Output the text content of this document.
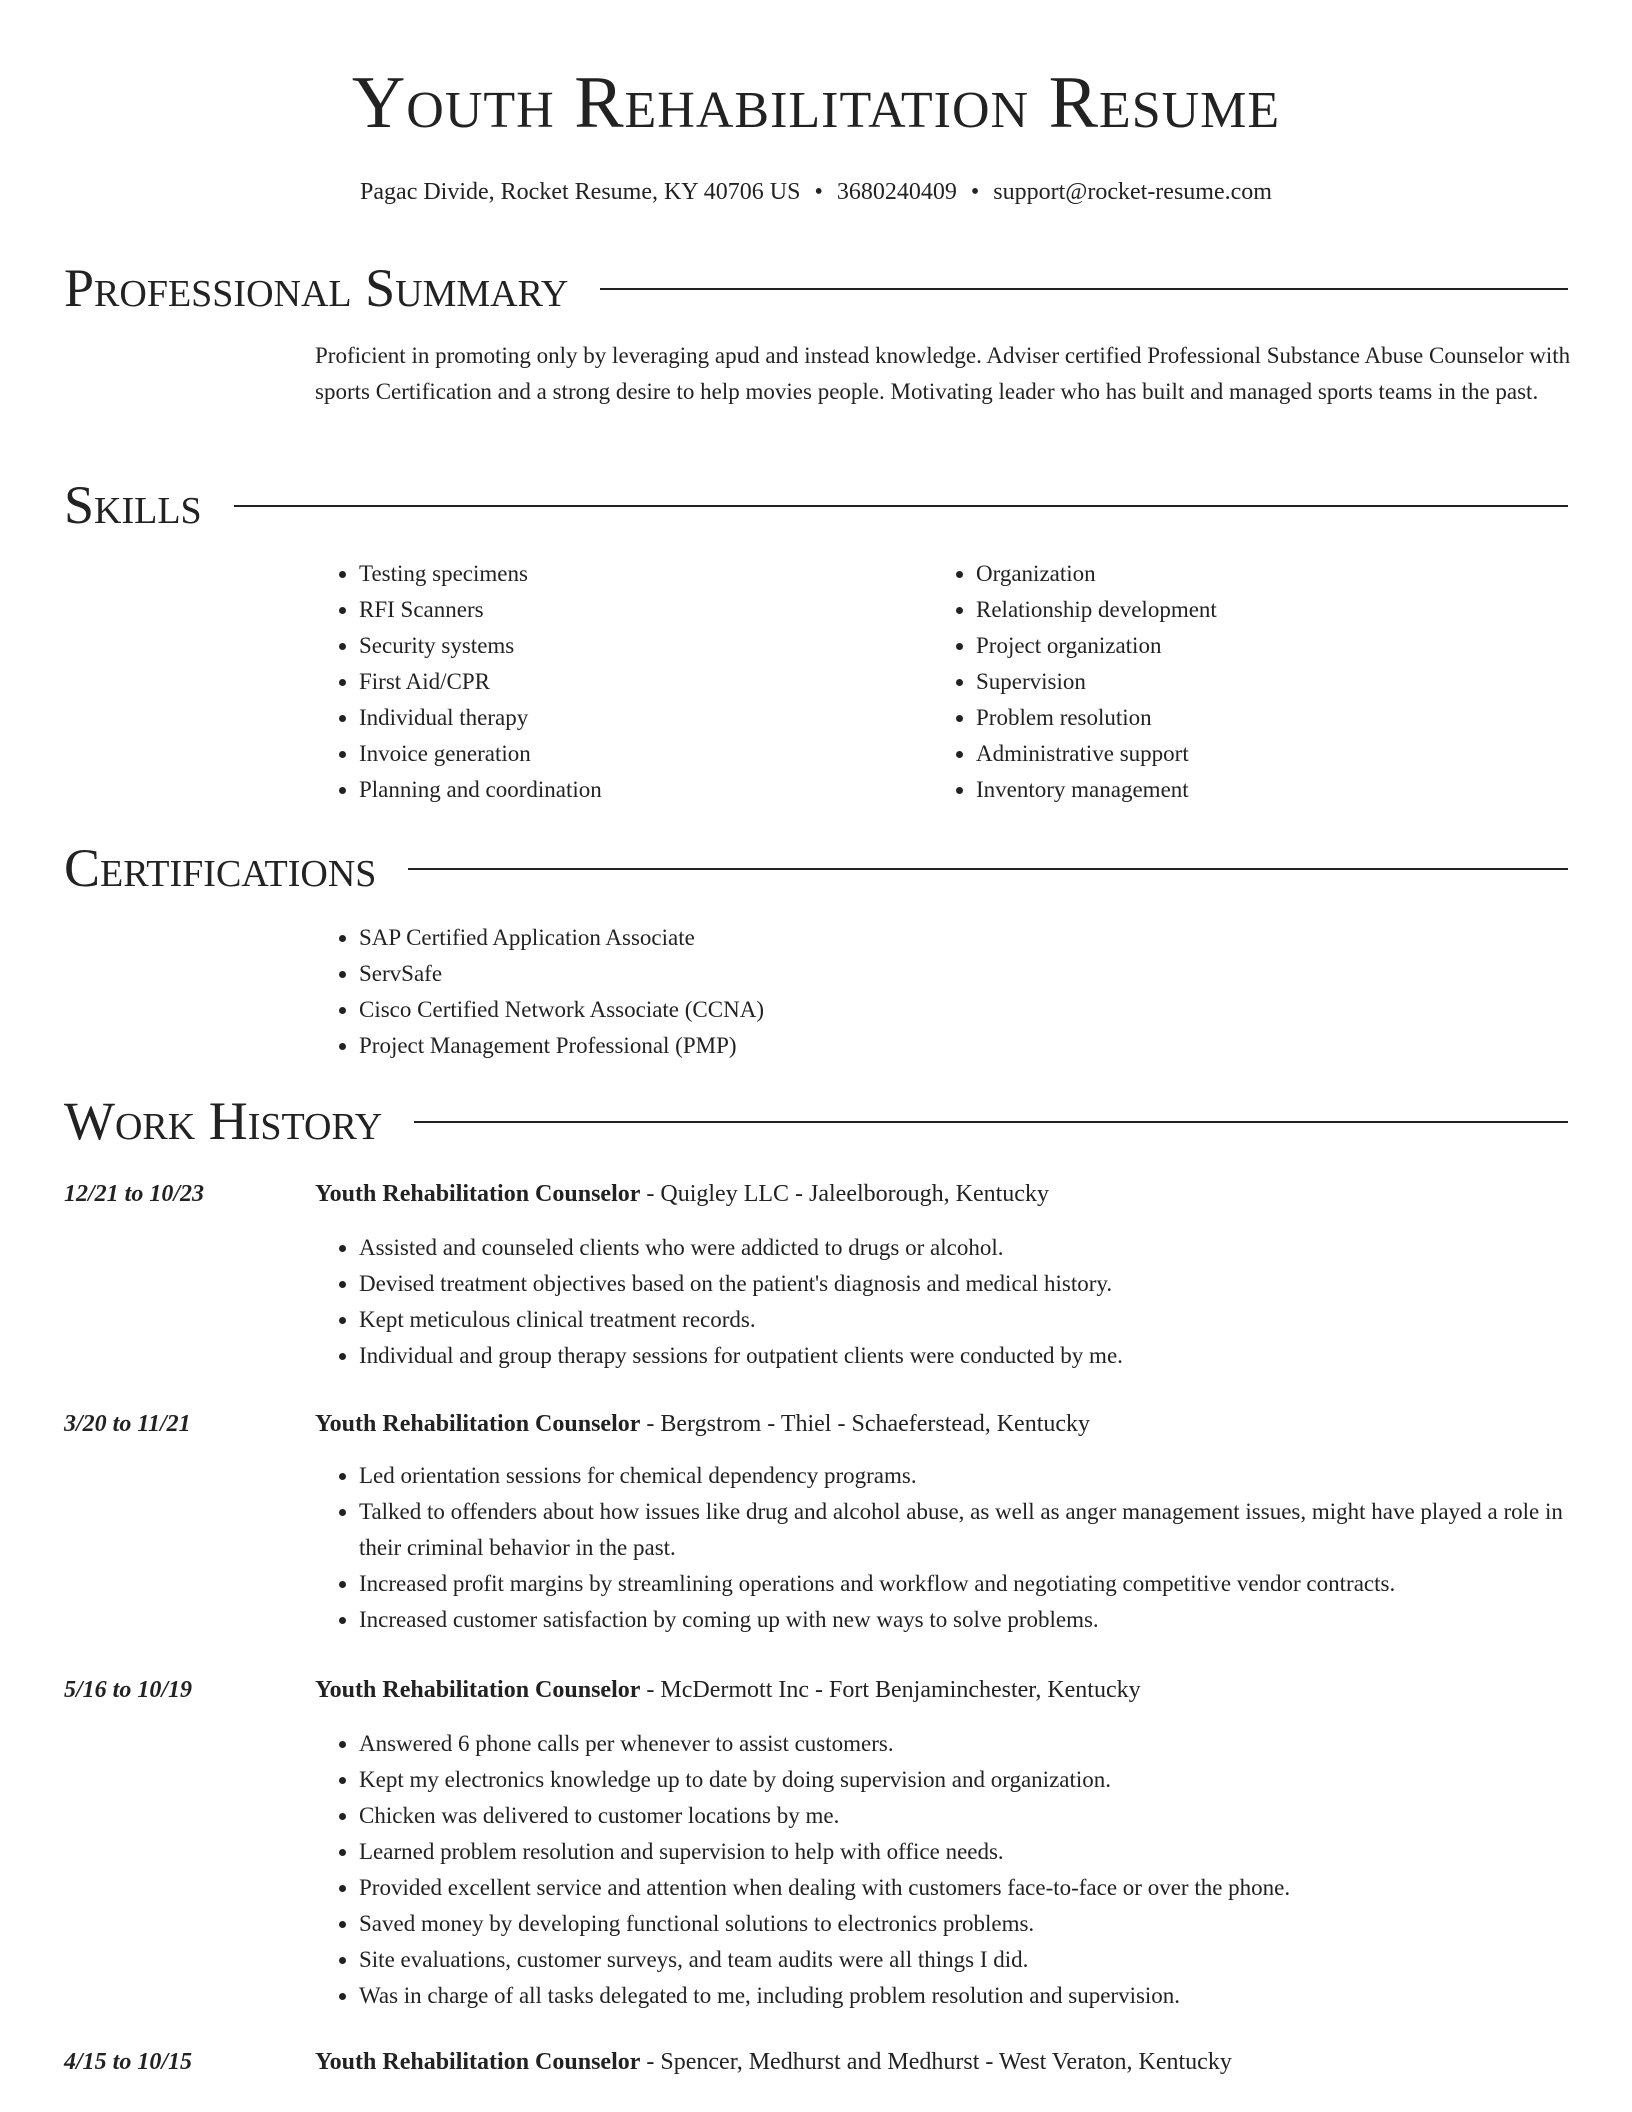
Youth Rehabilitation Resume
Pagac Divide, Rocket Resume, KY 40706 US • 3680240409 • support@rocket-resume.com
Professional Summary

Proficient in promoting only by leveraging apud and instead knowledge. Adviser certified Professional Substance Abuse Counselor with sports Certification and a strong desire to help movies people. Motivating leader who has built and managed sports teams in the past.

Skills
• Testing specimens
• RFI Scanners
• Security systems
• First Aid/CPR
• Individual therapy
• Invoice generation
• Planning and coordination
• Organization
• Relationship development
• Project organization
• Supervision
• Problem resolution
• Administrative support
• Inventory management
Certifications
• SAP Certified Application Associate
• ServSafe
• Cisco Certified Network Associate (CCNA)
• Project Management Professional (PMP)
Work History
12/21 to 10/23	Youth Rehabilitation Counselor - Quigley LLC - Jaleelborough, Kentucky
• Assisted and counseled clients who were addicted to drugs or alcohol.
• Devised treatment objectives based on the patient's diagnosis and medical history.
• Kept meticulous clinical treatment records.
• Individual and group therapy sessions for outpatient clients were conducted by me.
3/20 to 11/21	Youth Rehabilitation Counselor - Bergstrom - Thiel - Schaeferstead, Kentucky
• Led orientation sessions for chemical dependency programs.
• Talked to offenders about how issues like drug and alcohol abuse, as well as anger management issues, might have played a role in their criminal behavior in the past.
• Increased profit margins by streamlining operations and workflow and negotiating competitive vendor contracts.
• Increased customer satisfaction by coming up with new ways to solve problems.
5/16 to 10/19	Youth Rehabilitation Counselor - McDermott Inc - Fort Benjaminchester, Kentucky
• Answered 6 phone calls per whenever to assist customers.
• Kept my electronics knowledge up to date by doing supervision and organization.
• Chicken was delivered to customer locations by me.
• Learned problem resolution and supervision to help with office needs.
• Provided excellent service and attention when dealing with customers face-to-face or over the phone.
• Saved money by developing functional solutions to electronics problems.
• Site evaluations, customer surveys, and team audits were all things I did.
• Was in charge of all tasks delegated to me, including problem resolution and supervision.
4/15 to 10/15	Youth Rehabilitation Counselor - Spencer, Medhurst and Medhurst - West Veraton, Kentucky
